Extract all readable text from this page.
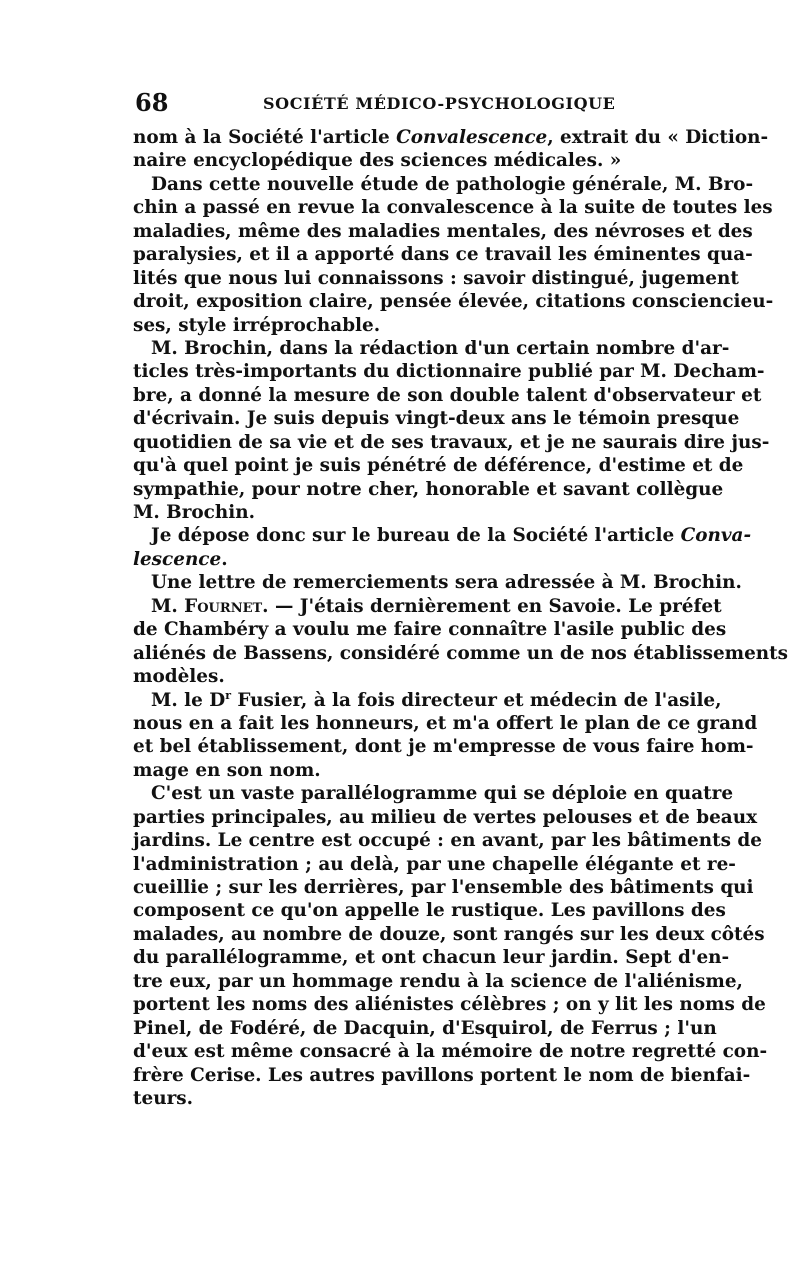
68	SOCIÉTÉ MÉDICO-PSYCHOLOGIQUE
nom à la Société l'article Convalescence, extrait du « Diction-
naire encyclopédique des sciences médicales. »
Dans cette nouvelle étude de pathologie générale, M. Bro-
chin a passé en revue la convalescence à la suite de toutes les
maladies, même des maladies mentales, des névroses et des
paralysies, et il a apporté dans ce travail les éminentes qua-
lités que nous lui connaissons : savoir distingué, jugement
droit, exposition claire, pensée élevée, citations consciencieu-
ses, style irréprochable.
M. Brochin, dans la rédaction d'un certain nombre d'ar-
ticles très-importants du dictionnaire publié par M. Decham-
bre, a donné la mesure de son double talent d'observateur et
d'écrivain. Je suis depuis vingt-deux ans le témoin presque
quotidien de sa vie et de ses travaux, et je ne saurais dire jus-
qu'à quel point je suis pénétré de déférence, d'estime et de
sympathie, pour notre cher, honorable et savant collègue
M. Brochin.
Je dépose donc sur le bureau de la Société l'article Conva-
lescence.
Une lettre de remerciements sera adressée à M. Brochin.
M. Fournet. — J'étais dernièrement en Savoie. Le préfet
de Chambéry a voulu me faire connaître l'asile public des
aliénés de Bassens, considéré comme un de nos établissements
modèles.
M. le $D^r$ Fusier, à la fois directeur et médecin de l'asile,
nous en a fait les honneurs, et m'a offert le plan de ce grand
et bel établissement, dont je m'empresse de vous faire hom-
mage en son nom.
C'est un vaste parallélogramme qui se déploie en quatre
parties principales, au milieu de vertes pelouses et de beaux
jardins. Le centre est occupé : en avant, par les bâtiments de
l'administration ; au delà, par une chapelle élégante et re-
cueillie ; sur les derrières, par l'ensemble des bâtiments qui
composent ce qu'on appelle le rustique. Les pavillons des
malades, au nombre de douze, sont rangés sur les deux côtés
du parallélogramme, et ont chacun leur jardin. Sept d'en-
tre eux, par un hommage rendu à la science de l'aliénisme,
portent les noms des aliénistes célèbres ; on y lit les noms de
Pinel, de Fodéré, de Dacquin, d'Esquirol, de Ferrus ; l'un
d'eux est même consacré à la mémoire de notre regretté con-
frère Cerise. Les autres pavillons portent le nom de bienfai-
teurs.
